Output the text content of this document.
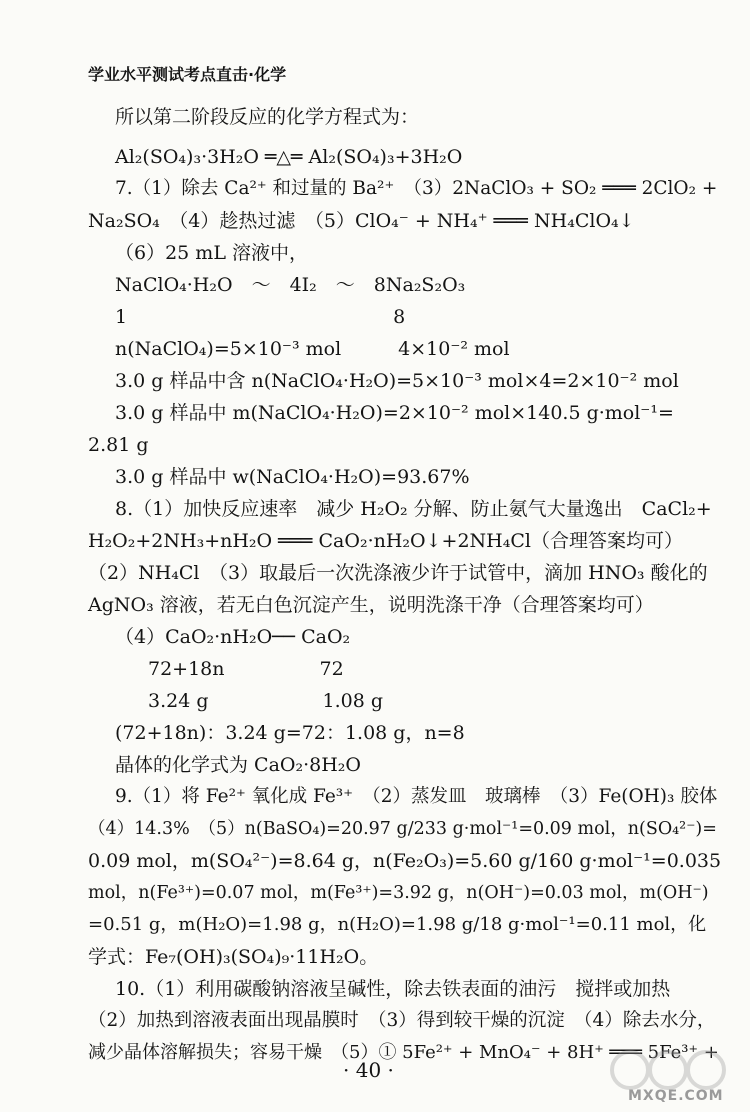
学业水平测试考点直击·化学
所以第二阶段反应的化学方程式为：
Al₂(SO₄)₃·3H₂O ═△═ Al₂(SO₄)₃+3H₂O
7.（1）除去 Ca²⁺ 和过量的 Ba²⁺　（3）2NaClO₃ + SO₂ ═══ 2ClO₂ +
Na₂SO₄　（4）趁热过滤　（5）ClO₄⁻ + NH₄⁺ ═══ NH₄ClO₄↓
（6）25 mL 溶液中，
NaClO₄·H₂O　～　4I₂　～　8Na₂S₂O₃
1　　　　　　　　　　　　　　8
n(NaClO₄)=5×10⁻³ mol　　　4×10⁻² mol
3.0 g 样品中含 n(NaClO₄·H₂O)=5×10⁻³ mol×4=2×10⁻² mol
3.0 g 样品中 m(NaClO₄·H₂O)=2×10⁻² mol×140.5 g·mol⁻¹=
2.81 g
3.0 g 样品中 w(NaClO₄·H₂O)=93.67%
8.（1）加快反应速率　减少 H₂O₂ 分解、防止氨气大量逸出　CaCl₂+
H₂O₂+2NH₃+nH₂O ═══ CaO₂·nH₂O↓+2NH₄Cl（合理答案均可）
（2）NH₄Cl　（3）取最后一次洗涤液少许于试管中，滴加 HNO₃ 酸化的
AgNO₃ 溶液，若无白色沉淀产生，说明洗涤干净（合理答案均可）
（4）CaO₂·nH₂O── CaO₂
72+18n　　　　　72
3.24 g　　　　　　1.08 g
(72+18n)：3.24 g=72：1.08 g，n=8
晶体的化学式为 CaO₂·8H₂O
9.（1）将 Fe²⁺ 氧化成 Fe³⁺　（2）蒸发皿　玻璃棒　（3）Fe(OH)₃ 胶体
（4）14.3%　（5）n(BaSO₄)=20.97 g/233 g·mol⁻¹=0.09 mol，n(SO₄²⁻)=
0.09 mol，m(SO₄²⁻)=8.64 g，n(Fe₂O₃)=5.60 g/160 g·mol⁻¹=0.035
mol，n(Fe³⁺)=0.07 mol，m(Fe³⁺)=3.92 g，n(OH⁻)=0.03 mol，m(OH⁻)
=0.51 g，m(H₂O)=1.98 g，n(H₂O)=1.98 g/18 g·mol⁻¹=0.11 mol，化
学式：Fe₇(OH)₃(SO₄)₉·11H₂O。
10.（1）利用碳酸钠溶液呈碱性，除去铁表面的油污　搅拌或加热
（2）加热到溶液表面出现晶膜时　（3）得到较干燥的沉淀　（4）除去水分，
减少晶体溶解损失；容易干燥　（5）① 5Fe²⁺ + MnO₄⁻ + 8H⁺ ═══ 5Fe³⁺ +
· 40 ·
MXQE.COM
